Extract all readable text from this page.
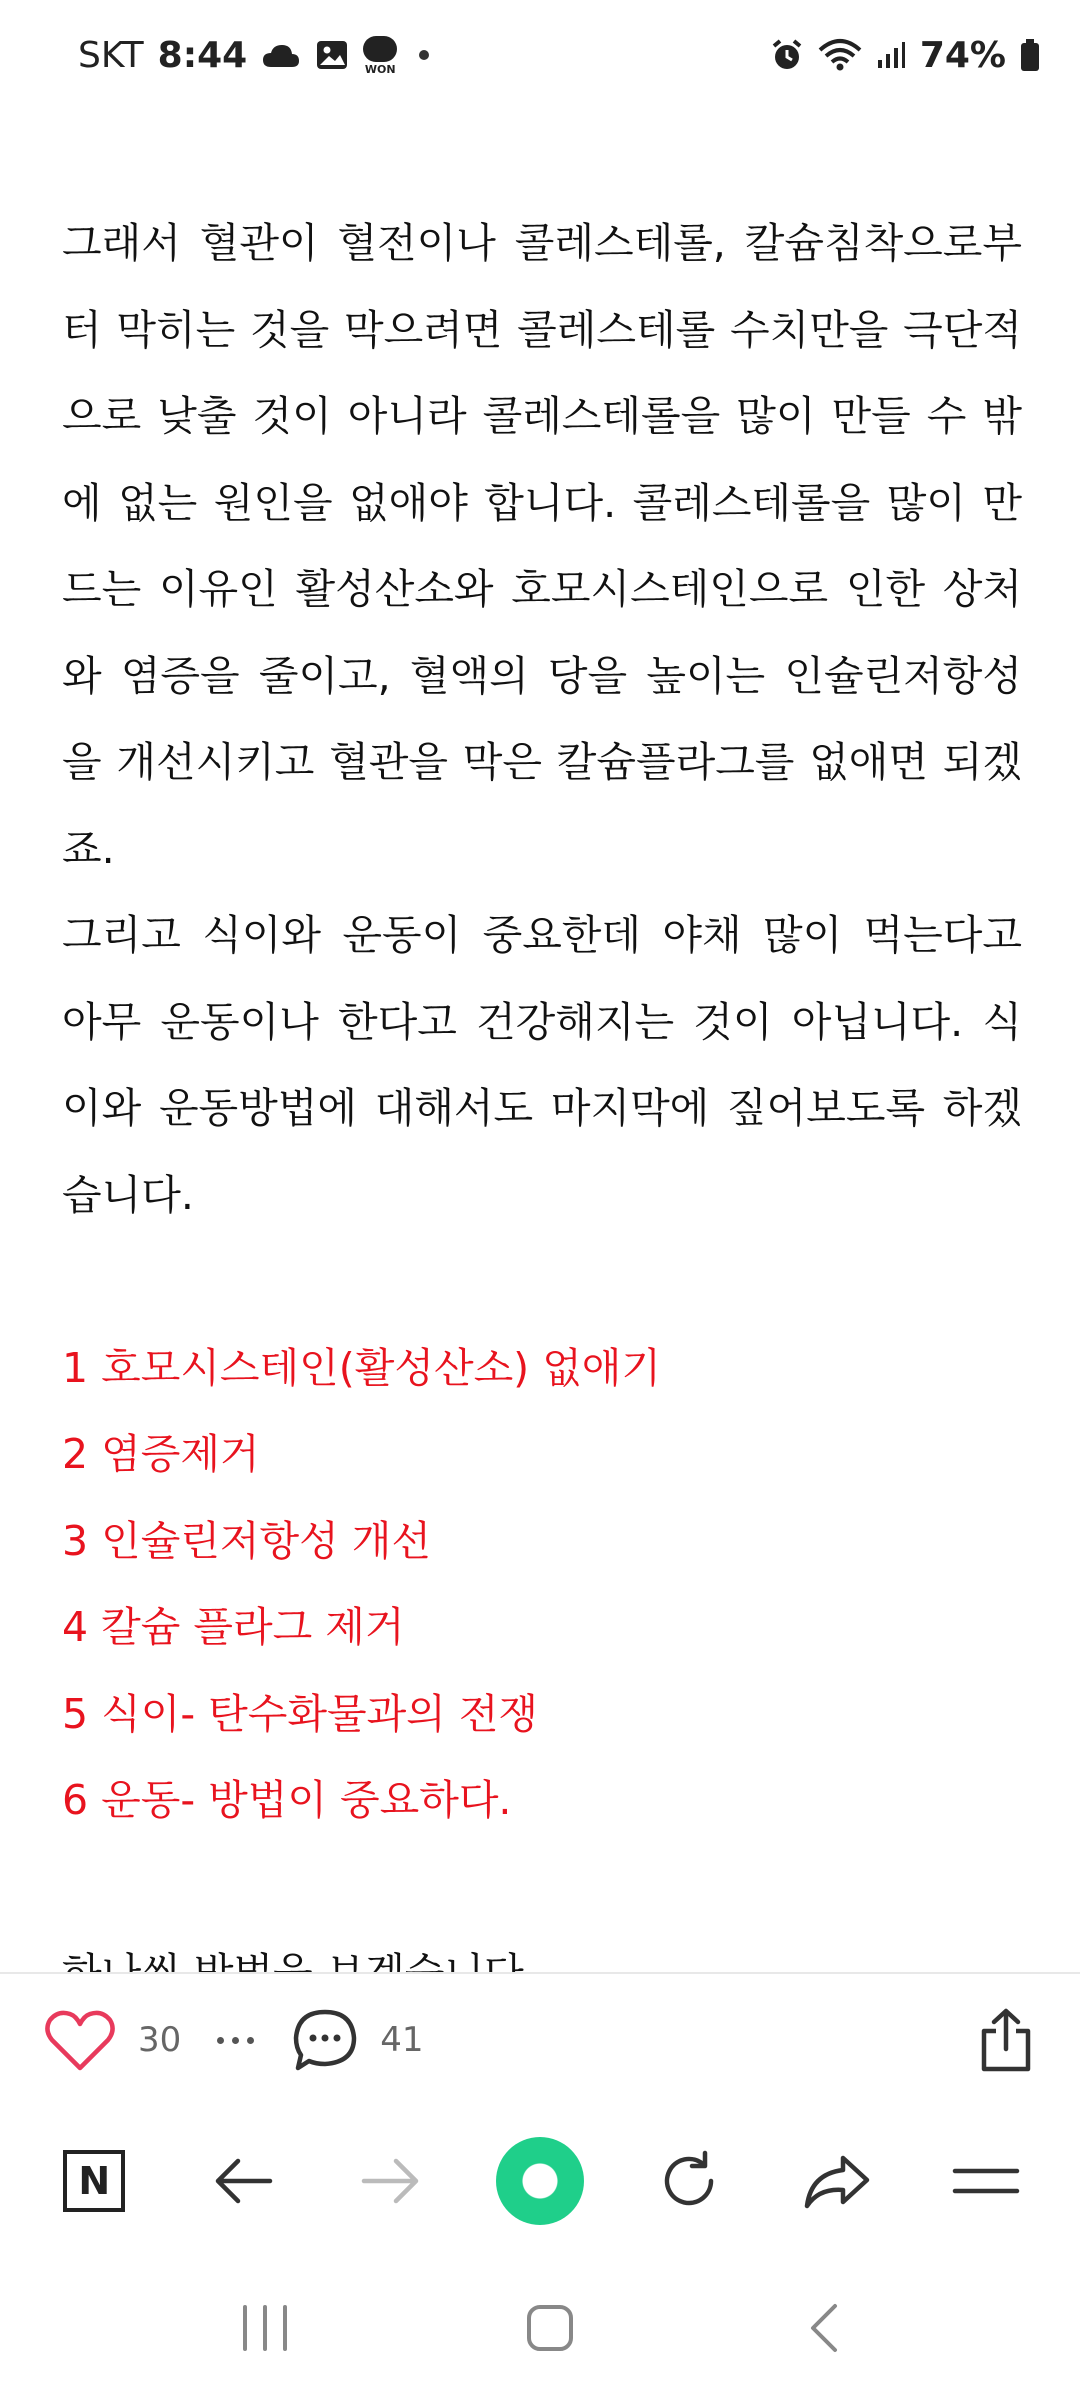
SKT 8:44	WON	74%

그래서 혈관이 혈전이나 콜레스테롤, 칼슘침착으로부터 막히는 것을 막으려면 콜레스테롤 수치만을 극단적으로 낮출 것이 아니라 콜레스테롤을 많이 만들 수 밖에 없는 원인을 없애야 합니다. 콜레스테롤을 많이 만드는 이유인 활성산소와 호모시스테인으로 인한 상처와 염증을 줄이고, 혈액의 당을 높이는 인슐린저항성을 개선시키고 혈관을 막은 칼슘플라그를 없애면 되겠죠.

그리고 식이와 운동이 중요한데 야채 많이 먹는다고 아무 운동이나 한다고 건강해지는 것이 아닙니다. 식이와 운동방법에 대해서도 마지막에 짚어보도록 하겠습니다.

1 호모시스테인(활성산소) 없애기
2 염증제거
3 인슐린저항성 개선
4 칼슘 플라그 제거
5 식이- 탄수화물과의 전쟁
6 운동- 방법이 중요하다.

30	41
N
